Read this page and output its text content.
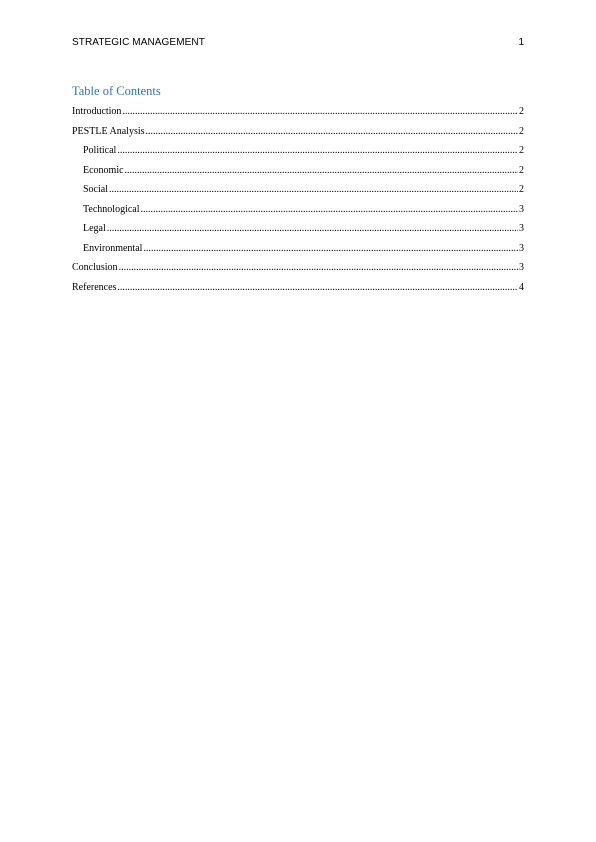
STRATEGIC MANAGEMENT	1
Table of Contents
Introduction .....	2
PESTLE Analysis .....	2
Political .....	2
Economic .....	2
Social .....	2
Technological .....	3
Legal .....	3
Environmental .....	3
Conclusion .....	3
References .....	4
